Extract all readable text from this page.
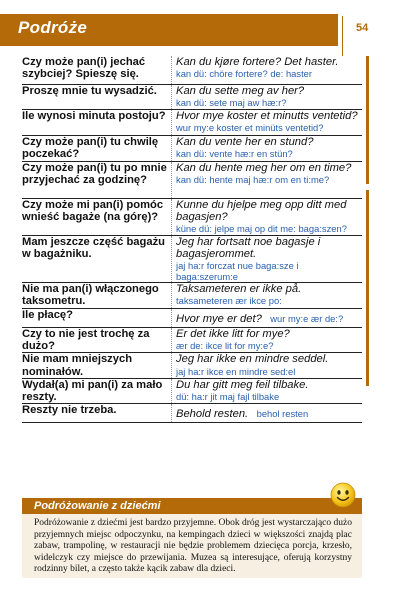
Podróże	54
Czy może pan(i) jechać szybciej? Spieszę się.	Kan du kjøre fortere? Det haster.
kan dü: chöre fortere? de: haster

Proszę mnie tu wysadzić.	Kan du sette meg av her?
kan dü: sete maj aw hæ:r?

Ile wynosi minuta postoju?	Hvor mye koster et minutts ventetid?
wur my:e koster et minüts ventetid?

Czy może pan(i) tu chwilę poczekać?	Kan du vente her en stund?
kan dü: vente hæ:r en stün?

Czy może pan(i) tu po mnie przyjechać za godzinę?	Kan du hente meg her om en time?
kan dü: hente maj hæ:r om en ti:me?

Czy może mi pan(i) pomóc wnieść bagaże (na górę)?	Kunne du hjelpe meg opp ditt med bagasjen?
küne dü: jelpe maj op dit me: bagа:szen?

Mam jeszcze część bagażu w bagażniku.	Jeg har fortsatt noe bagasje i bagasjerommet.
jaj ha:r forczat nue baga:sze i baga:szerum:e

Nie ma pan(i) włączonego taksometru.	Taksameteren er ikke på.
taksameteren ær ikce po:

Ile płacę?	Hvor mye er det? wur my:e ær de:?
Czy to nie jest trochę za dużo?	Er det ikke litt for mye?
ær de: ikce lit for my:e?

Nie mam mniejszych nominałów.	Jeg har ikke en mindre seddel.
jaj ha:r ikce en mindre sed:el

Wydał(a) mi pan(i) za mało reszty.	Du har gitt meg feil tilbake.
dü: ha:r jit maj fajl tilbake

Reszty nie trzeba.	Behold resten. behol resten
Podróżowanie z dziećmi
Podróżowanie z dziećmi jest bardzo przyjemne. Obok dróg jest wystarczająco dużo przyjemnych miejsc odpoczynku, na kempingach dzieci w większości znajdą plac zabaw, trampolinę, w restauracji nie będzie problemem dziecięca porcja, krzesło, widelczyk czy miejsce do przewijania. Muzea są interesujące, oferują korzystny rodzinny bilet, a często także kącik zabaw dla dzieci.
